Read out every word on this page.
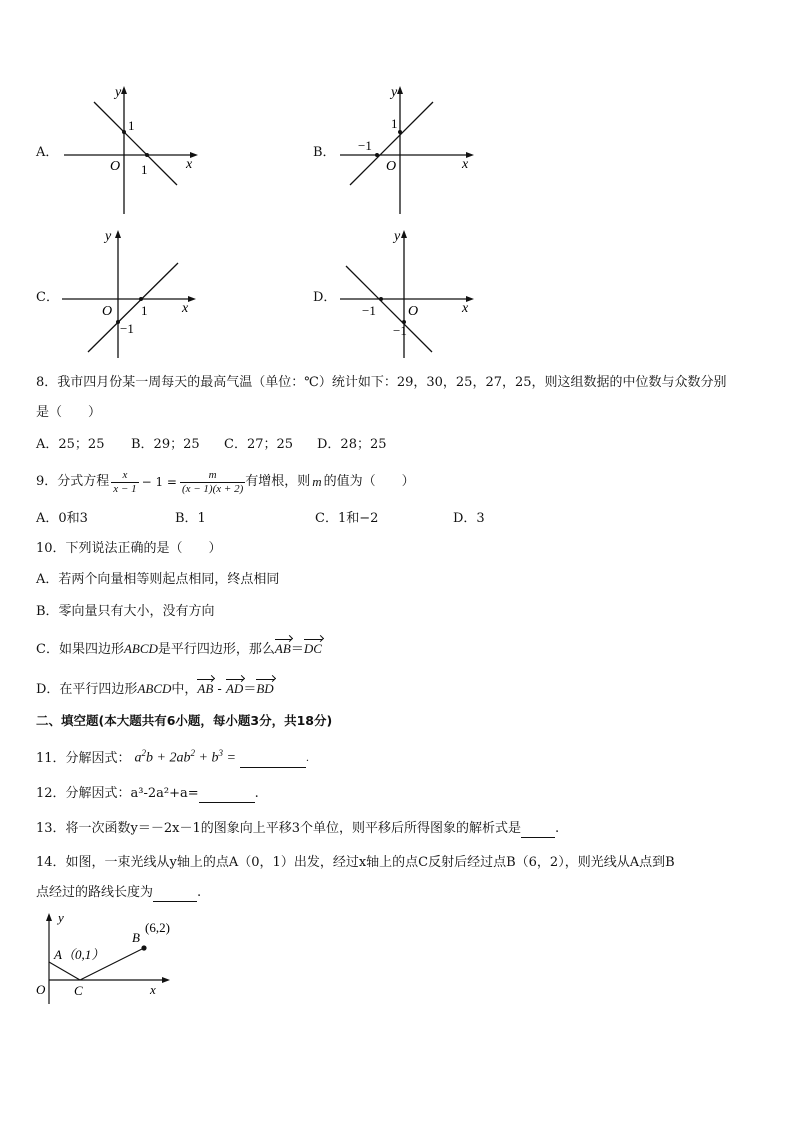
A．
1
1
O	x
y
B．
1
−1
O	x
y
C．
−1
1
O	x
y
D．
−1
−1 O	x
y
8．我市四月份某一周每天的最高气温（单位：℃）统计如下：29，30，25，27，25，则这组数据的中位数与众数分别
是（　　）
A．25；25 B．29；25 C．27；25 D．28；25
9．分式方程 $\frac{x}{x - 1} - 1 = \frac{m}{(x - 1)(x + 2)}$ 有增根，则 m 的值为（　　）
A．0和3	B．1	C．1和−2	D．3
10．下列说法正确的是（　　）
A．若两个向量相等则起点相同，终点相同
B．零向量只有大小，没有方向
C．如果四边形ABCD是平行四边形，那么AB＝DC
D．在平行四边形ABCD中，AB - AD＝BD
二、填空题(本大题共有6小题，每小题3分，共18分)
11．分解因式： $a^2b + 2ab^2 + b^3$ =	.
12．分解因式：a³-2a²+a=	.
13．将一次函数y＝－2x－1的图象向上平移3个单位，则平移后所得图象的解析式是	.
14．如图，一束光线从y轴上的点A（0，1）出发，经过x轴上的点C反射后经过点B（6，2），则光线从A点到B
点经过的路线长度为	.
y
A（0,1）
B
(6,2)
C
O	x
